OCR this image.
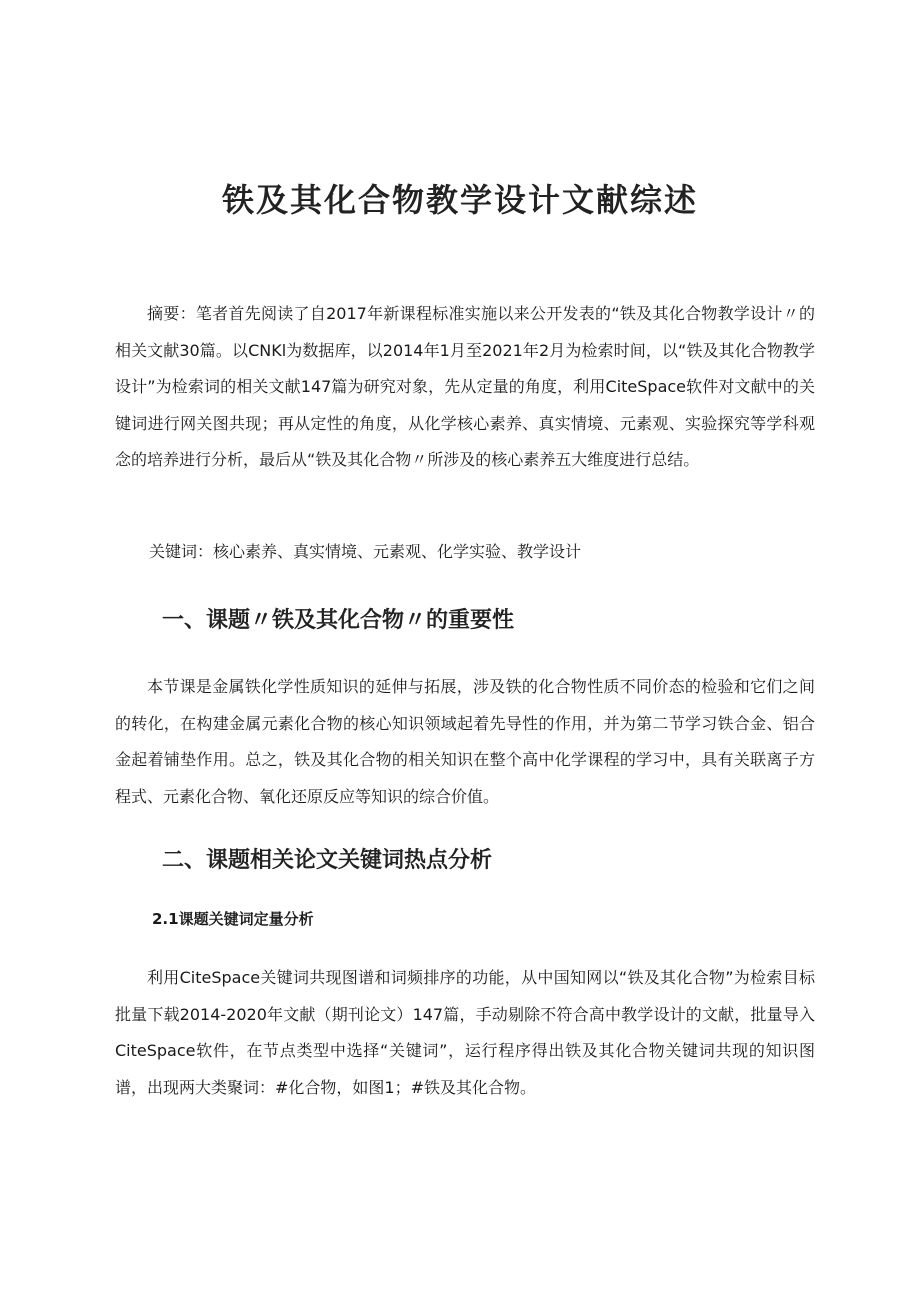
铁及其化合物教学设计文献综述

摘要：笔者首先阅读了自2017年新课程标准实施以来公开发表的“铁及其化合物教学设计〃的相关文献30篇。以CNKl为数据库，以2014年1月至2021年2月为检索时间，以“铁及其化合物教学设计”为检索词的相关文献147篇为研究对象，先从定量的角度，利用CiteSpace软件对文献中的关键词进行网关图共现；再从定性的角度，从化学核心素养、真实情境、元素观、实验探究等学科观念的培养进行分析，最后从“铁及其化合物〃所涉及的核心素养五大维度进行总结。

关键词：核心素养、真实情境、元素观、化学实验、教学设计
一、课题〃铁及其化合物〃的重要性

本节课是金属铁化学性质知识的延伸与拓展，涉及铁的化合物性质不同价态的检验和它们之间的转化，在构建金属元素化合物的核心知识领域起着先导性的作用，并为第二节学习铁合金、铝合金起着铺垫作用。总之，铁及其化合物的相关知识在整个高中化学课程的学习中，具有关联离子方程式、元素化合物、氧化还原反应等知识的综合价值。

二、课题相关论文关键词热点分析
2.1课题关键词定量分析

利用CiteSpace关键词共现图谱和词频排序的功能，从中国知网以“铁及其化合物”为检索目标批量下载2014-2020年文献（期刊论文）147篇，手动剔除不符合高中教学设计的文献，批量导入CiteSpace软件，在节点类型中选择“关键词”，运行程序得出铁及其化合物关键词共现的知识图谱，出现两大类聚词：#化合物，如图1；#铁及其化合物。
